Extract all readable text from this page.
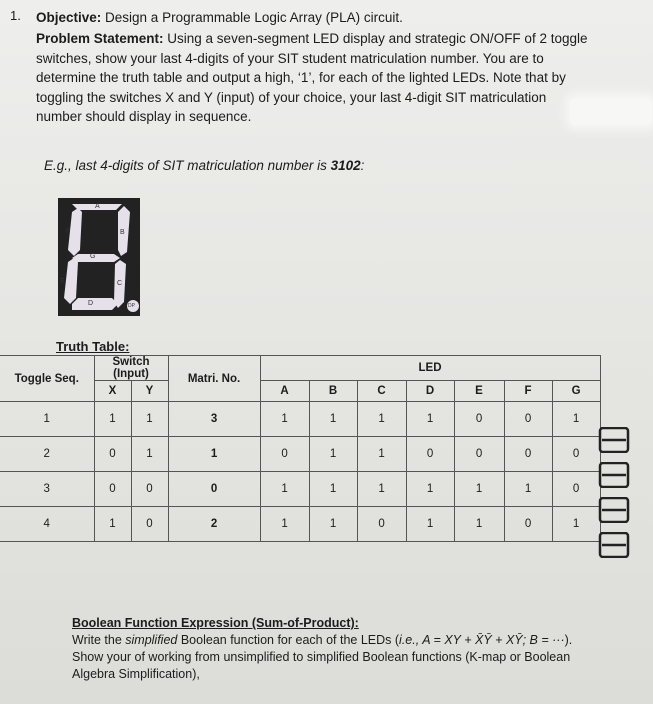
1. Objective: Design a Programmable Logic Array (PLA) circuit.

Problem Statement: Using a seven-segment LED display and strategic ON/OFF of 2 toggle

switches, show your last 4-digits of your SIT student matriculation number. You are to

determine the truth table and output a high, ‘1’, for each of the lighted LEDs. Note that by

toggling the switches X and Y (input) of your choice, your last 4-digit SIT matriculation

number should display in sequence.

E.g., last 4-digits of SIT matriculation number is 3102:
A
B
C
D
E
F
G
DP
Truth Table:
Toggle Seq.	Switch (Input)		Matri. No.	LED						
	X	Y		A	B	C	D	E	F	G
1	1	1	3	1	1	1	1	0	0	1
2	0	1	1	0	1	1	0	0	0	0
3	0	0	0	1	1	1	1	1	1	0
4	1	0	2	1	1	0	1	1	0	1

Boolean Function Expression (Sum-of-Product):

Write the simplified Boolean function for each of the LEDs (i.e., A = XY + X̄Ȳ + XȲ; B = ···).

Show your of working from unsimplified to simplified Boolean functions (K-map or Boolean

Algebra Simplification),
